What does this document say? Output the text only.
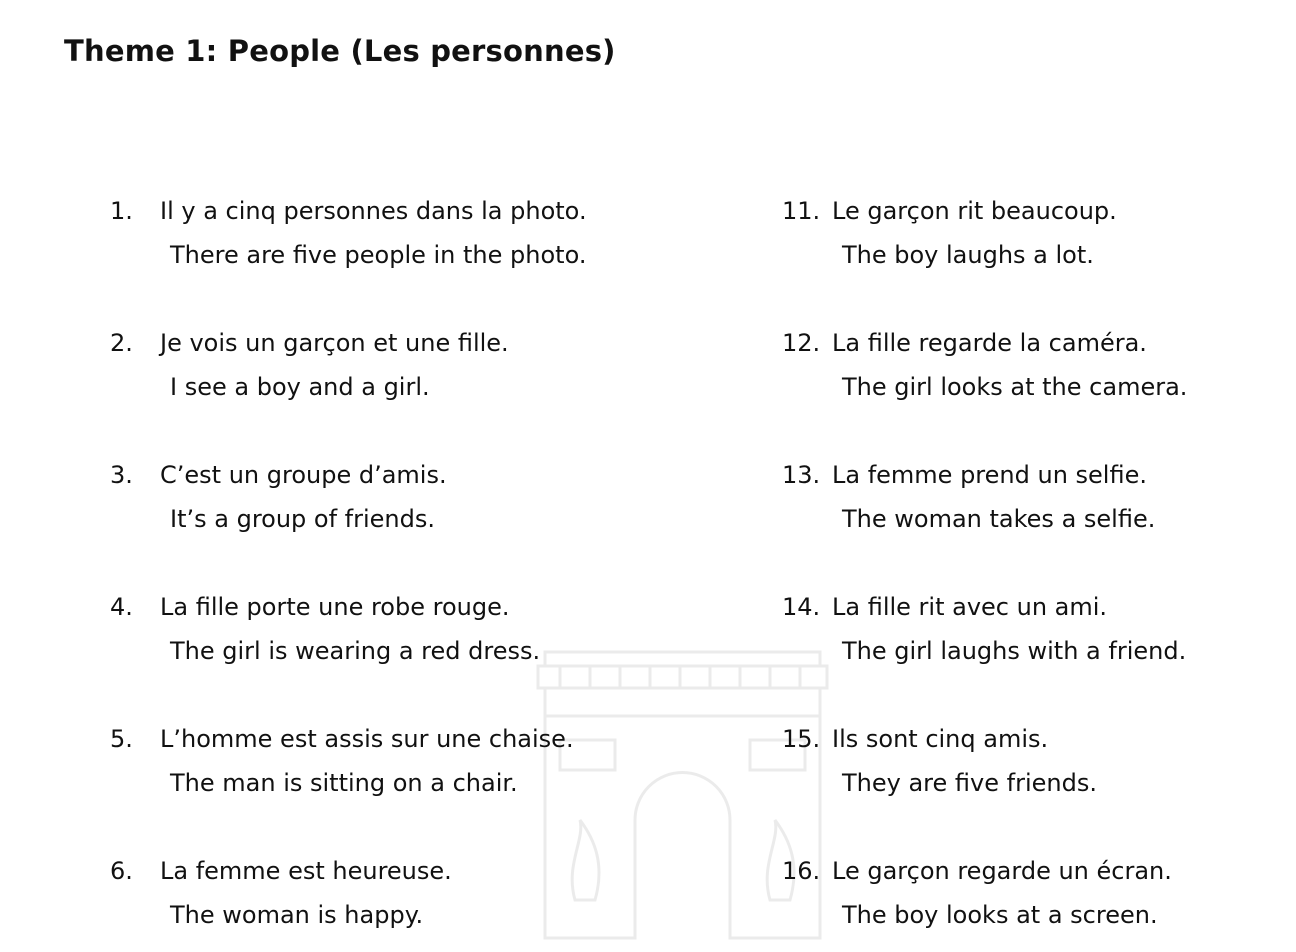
Theme 1: People (Les personnes)
1. Il y a cinq personnes dans la photo.
There are five people in the photo.
2. Je vois un garçon et une fille.
I see a boy and a girl.
3. C’est un groupe d’amis.
It’s a group of friends.
4. La fille porte une robe rouge.
The girl is wearing a red dress.
5. L’homme est assis sur une chaise.
The man is sitting on a chair.
6. La femme est heureuse.
The woman is happy.
11. Le garçon rit beaucoup.
The boy laughs a lot.
12. La fille regarde la caméra.
The girl looks at the camera.
13. La femme prend un selfie.
The woman takes a selfie.
14. La fille rit avec un ami.
The girl laughs with a friend.
15. Ils sont cinq amis.
They are five friends.
16. Le garçon regarde un écran.
The boy looks at a screen.
